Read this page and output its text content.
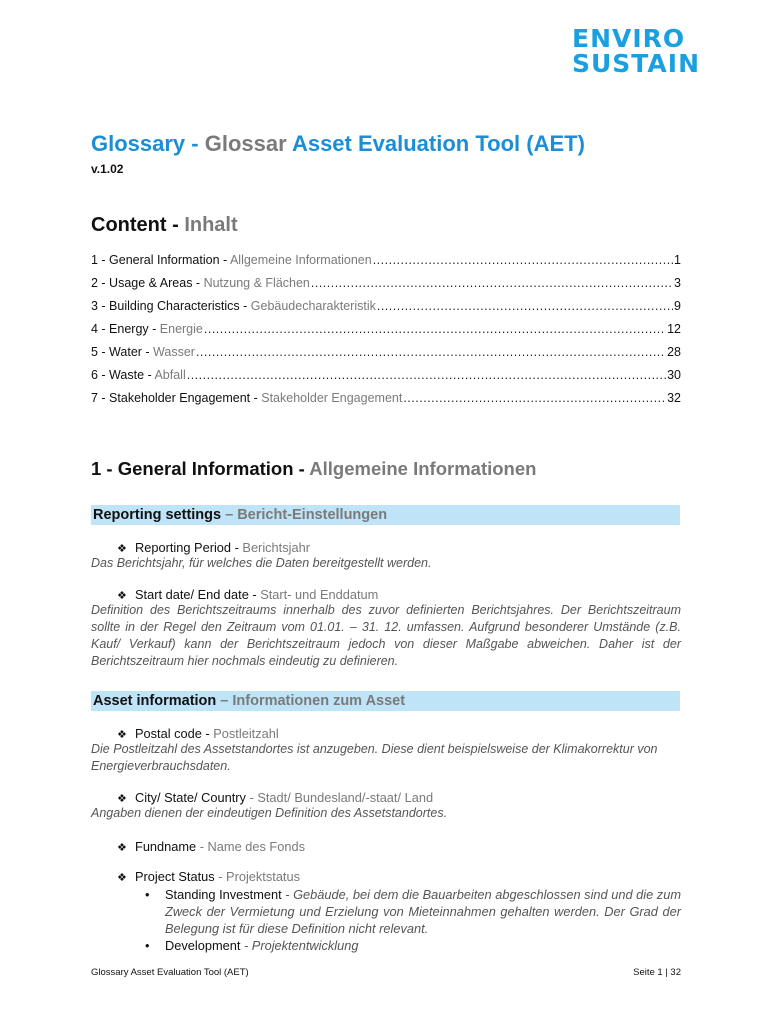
ENVIRO
SUSTAIN
Glossary - Glossar Asset Evaluation Tool (AET)
v.1.02
Content - Inhalt
1 - General Information - Allgemeine Informationen .....	1
2 - Usage & Areas - Nutzung & Flächen .....	3
3 - Building Characteristics - Gebäudecharakteristik .....	9
4 - Energy - Energie .....	12
5 - Water - Wasser .....	28
6 - Waste - Abfall .....	30
7 - Stakeholder Engagement - Stakeholder Engagement .....	32
1 - General Information - Allgemeine Informationen
Reporting settings – Bericht-Einstellungen
❖ Reporting Period - Berichtsjahr
Das Berichtsjahr, für welches die Daten bereitgestellt werden.
❖ Start date/ End date - Start- und Enddatum
Definition des Berichtszeitraums innerhalb des zuvor definierten Berichtsjahres. Der Berichtszeitraum sollte in der Regel den Zeitraum vom 01.01. – 31. 12. umfassen. Aufgrund besonderer Umstände (z.B. Kauf/ Verkauf) kann der Berichtszeitraum jedoch von dieser Maßgabe abweichen. Daher ist der Berichtszeitraum hier nochmals eindeutig zu definieren.
Asset information – Informationen zum Asset
❖ Postal code - Postleitzahl
Die Postleitzahl des Assetstandortes ist anzugeben. Diese dient beispielsweise der Klimakorrektur von Energieverbrauchsdaten.
❖ City/ State/ Country - Stadt/ Bundesland/-staat/ Land
Angaben dienen der eindeutigen Definition des Assetstandortes.
❖ Fundname - Name des Fonds
❖ Project Status - Projektstatus
• Standing Investment - Gebäude, bei dem die Bauarbeiten abgeschlossen sind und die zum Zweck der Vermietung und Erzielung von Mieteinnahmen gehalten werden. Der Grad der Belegung ist für diese Definition nicht relevant.
• Development - Projektentwicklung
Glossary Asset Evaluation Tool (AET)	Seite 1 | 32
